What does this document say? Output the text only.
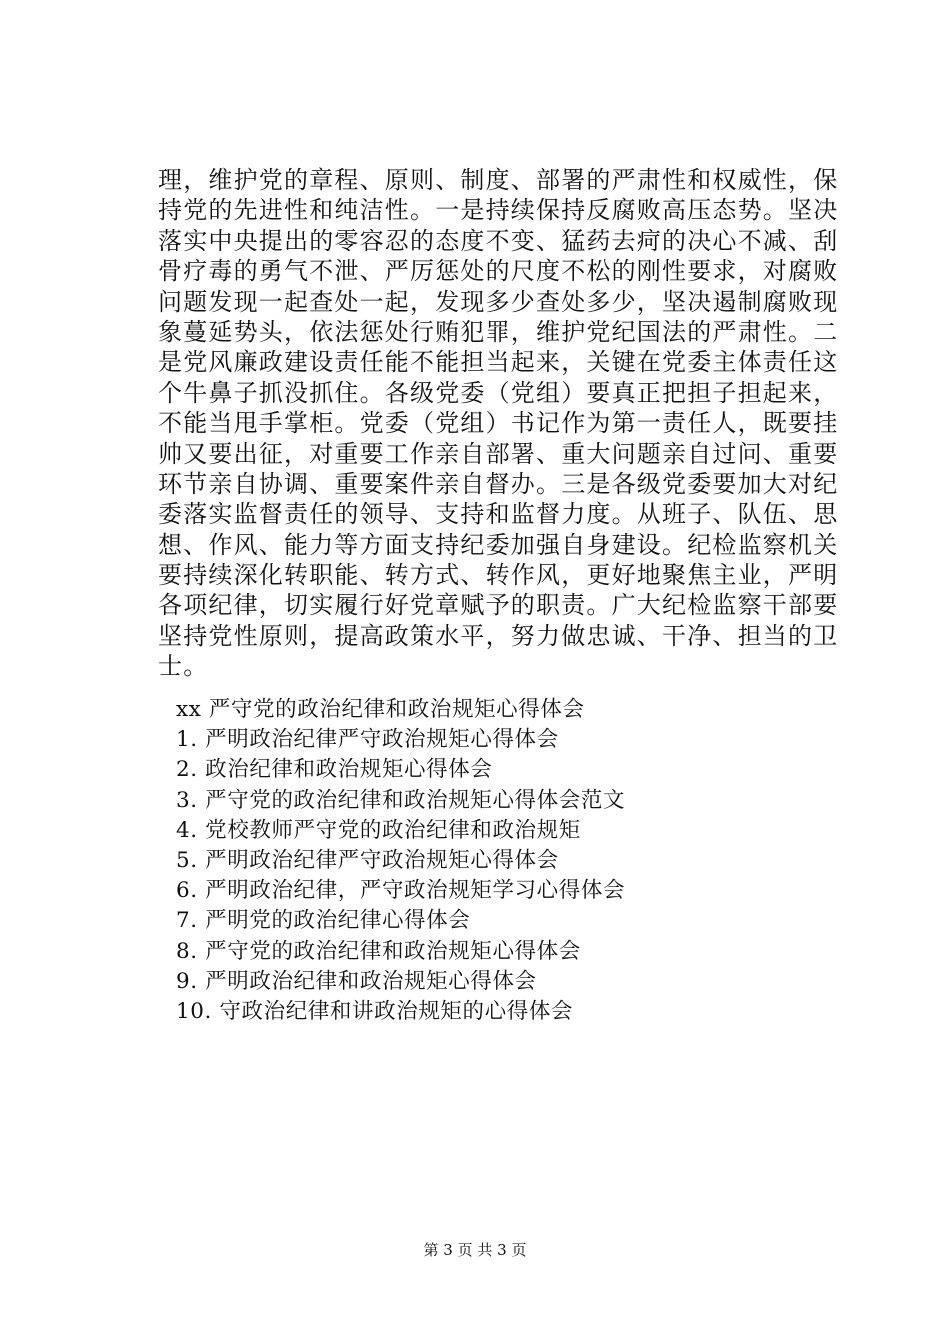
理，维护党的章程、原则、制度、部署的严肃性和权威性，保
持党的先进性和纯洁性。一是持续保持反腐败高压态势。坚决
落实中央提出的零容忍的态度不变、猛药去疴的决心不减、刮
骨疗毒的勇气不泄、严厉惩处的尺度不松的刚性要求，对腐败
问题发现一起查处一起，发现多少查处多少，坚决遏制腐败现
象蔓延势头，依法惩处行贿犯罪，维护党纪国法的严肃性。二
是党风廉政建设责任能不能担当起来，关键在党委主体责任这
个牛鼻子抓没抓住。各级党委（党组）要真正把担子担起来，
不能当甩手掌柜。党委（党组）书记作为第一责任人，既要挂
帅又要出征，对重要工作亲自部署、重大问题亲自过问、重要
环节亲自协调、重要案件亲自督办。三是各级党委要加大对纪
委落实监督责任的领导、支持和监督力度。从班子、队伍、思
想、作风、能力等方面支持纪委加强自身建设。纪检监察机关
要持续深化转职能、转方式、转作风，更好地聚焦主业，严明
各项纪律，切实履行好党章赋予的职责。广大纪检监察干部要
坚持党性原则，提高政策水平，努力做忠诚、干净、担当的卫
士。
xx 严守党的政治纪律和政治规矩心得体会
1. 严明政治纪律严守政治规矩心得体会
2. 政治纪律和政治规矩心得体会
3. 严守党的政治纪律和政治规矩心得体会范文
4. 党校教师严守党的政治纪律和政治规矩
5. 严明政治纪律严守政治规矩心得体会
6. 严明政治纪律，严守政治规矩学习心得体会
7. 严明党的政治纪律心得体会
8. 严守党的政治纪律和政治规矩心得体会
9. 严明政治纪律和政治规矩心得体会
10. 守政治纪律和讲政治规矩的心得体会
第 3 页 共 3 页
